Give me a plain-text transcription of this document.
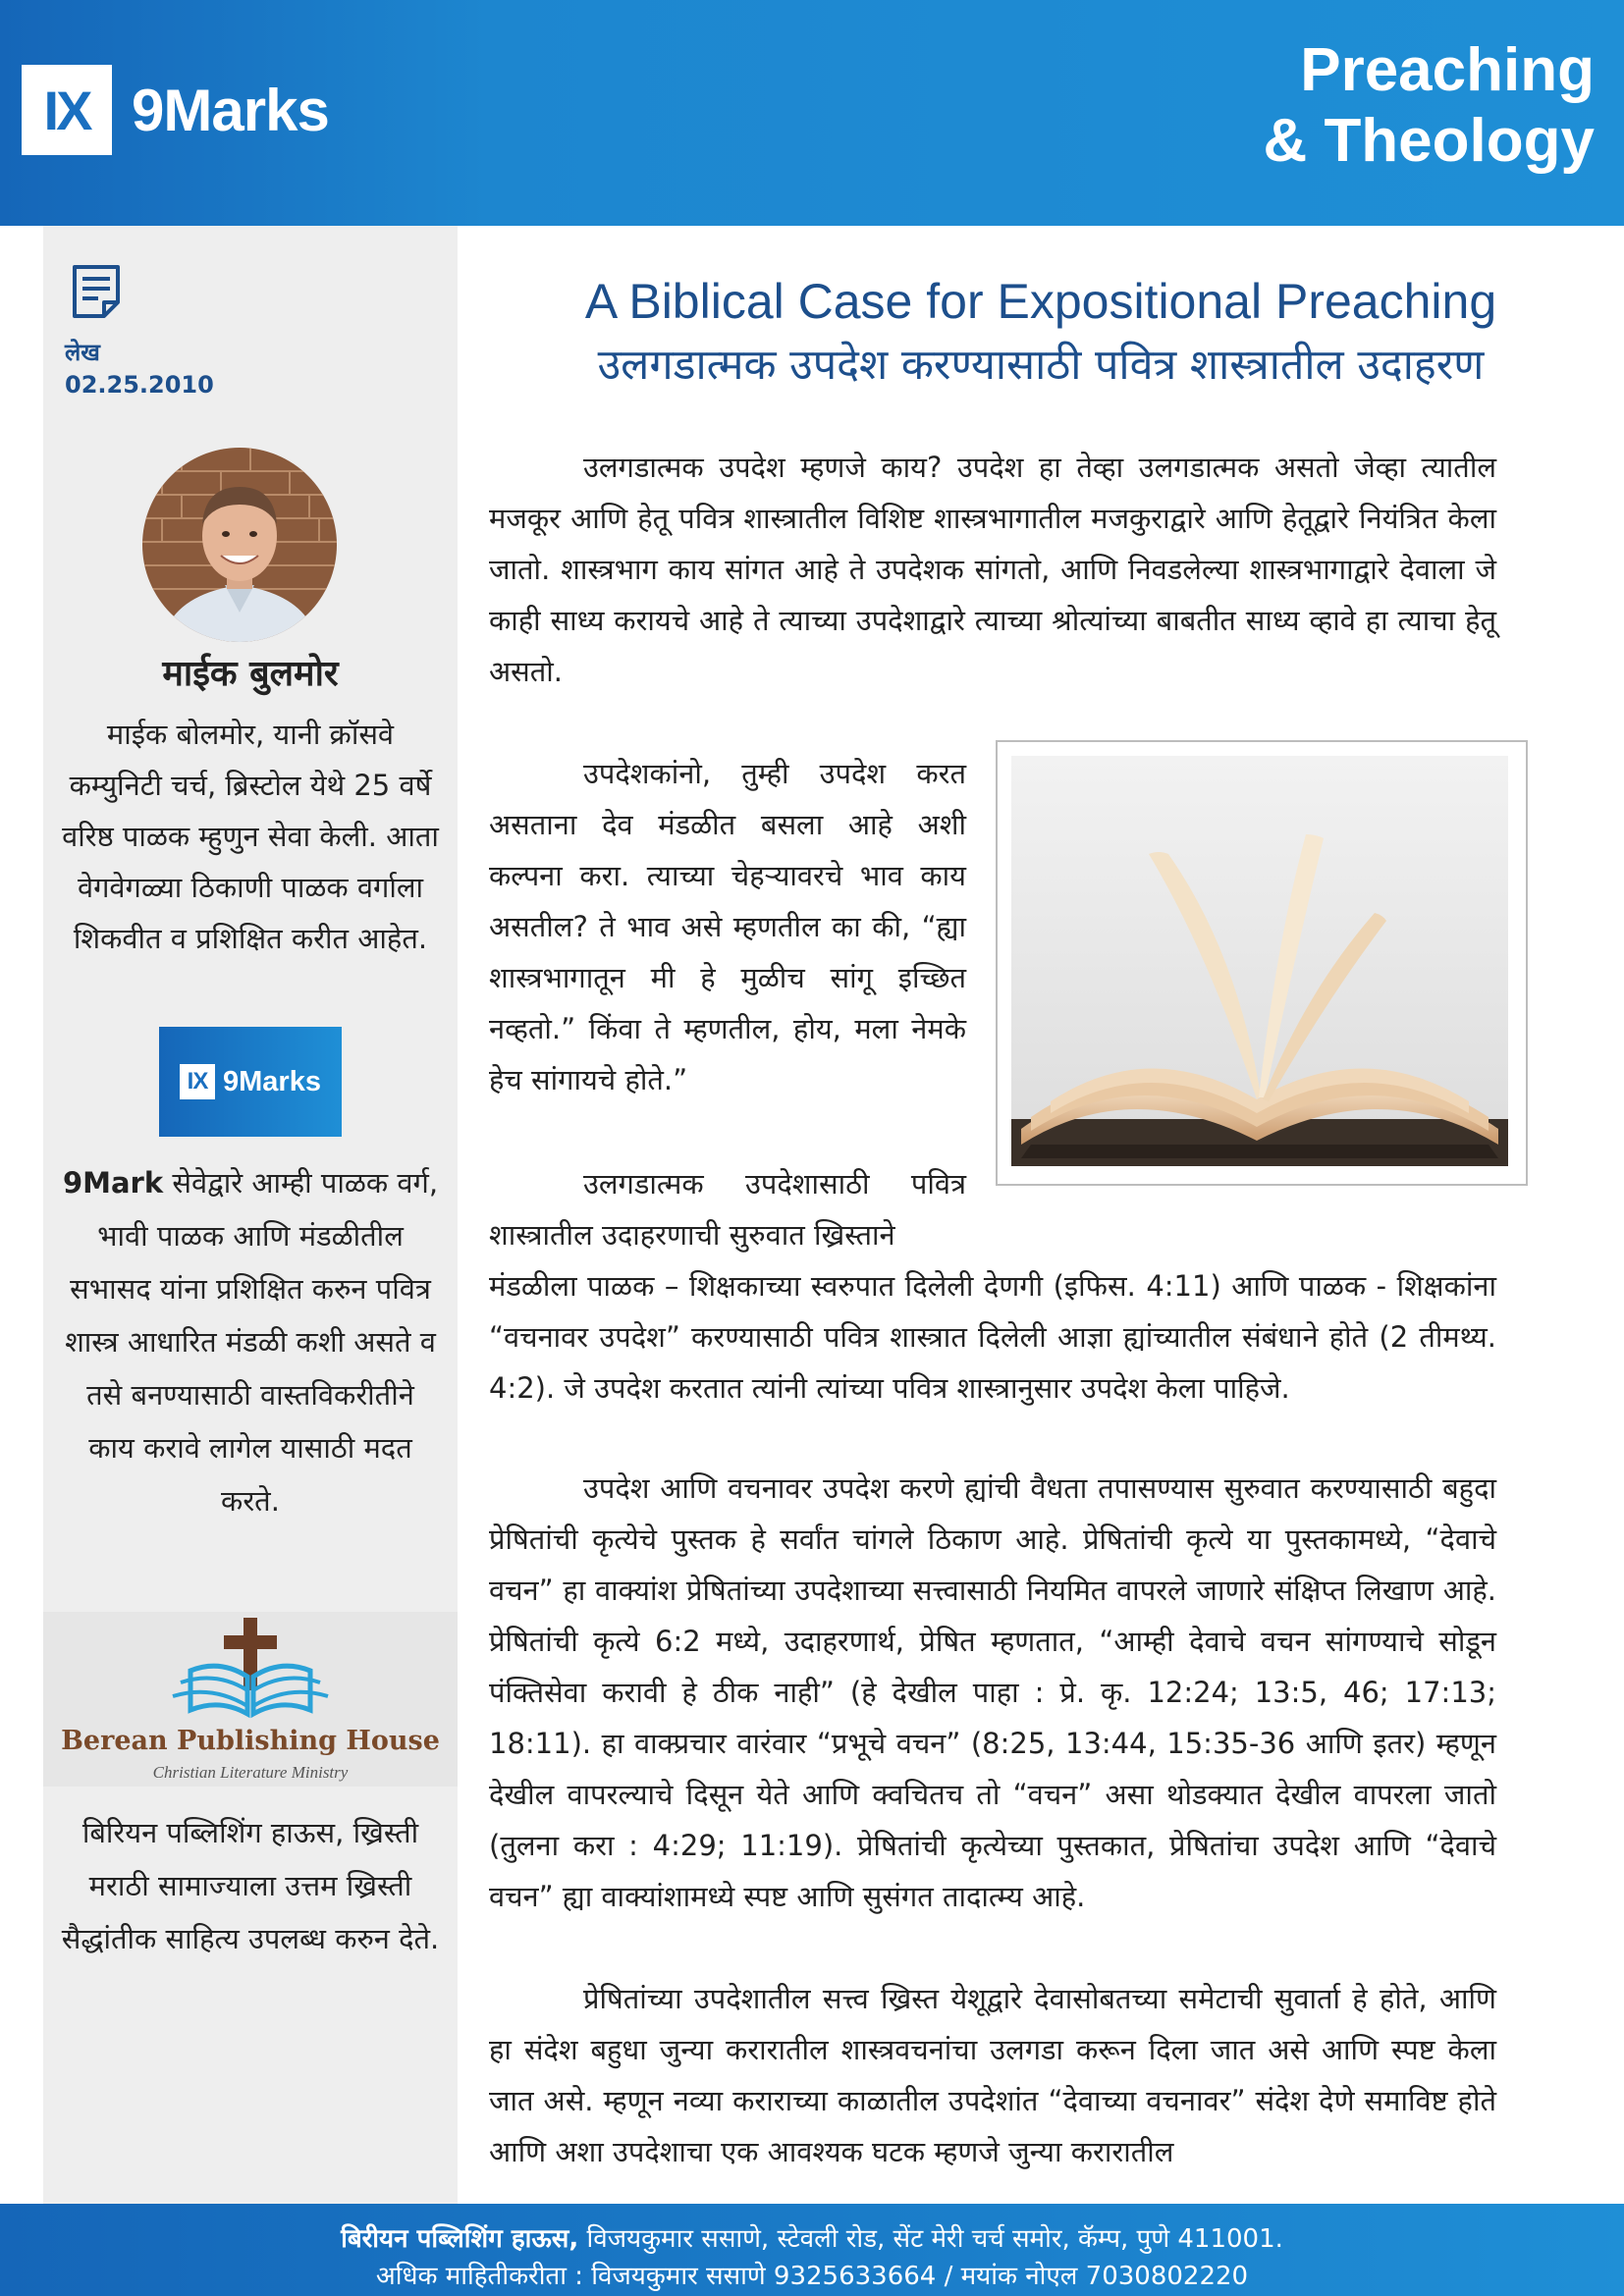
IX 9Marks
Preaching
& Theology
लेख
02.25.2010
माईक बुलमोर
माईक बोलमोर, यानी क्रॉसवे कम्युनिटी चर्च, ब्रिस्टोल येथे 25 वर्षे वरिष्ठ पाळक म्हुणुन सेवा केली. आता वेगवेगळ्या ठिकाणी पाळक वर्गाला शिकवीत व प्रशिक्षित करीत आहेत.
IX 9Marks
9Mark सेवेद्वारे आम्ही पाळक वर्ग, भावी पाळक आणि मंडळीतील सभासद यांना प्रशिक्षित करुन पवित्र शास्त्र आधारित मंडळी कशी असते व तसे बनण्यासाठी वास्तविकरीतीने काय करावे लागेल यासाठी मदत करते.
Berean Publishing House
Christian Literature Ministry
बिरियन पब्लिशिंग हाऊस, ख्रिस्ती मराठी सामाज्याला उत्तम ख्रिस्ती सैद्धांतीक साहित्य उपलब्ध करुन देते.
A Biblical Case for Expositional Preaching
उलगडात्मक उपदेश करण्यासाठी पवित्र शास्त्रातील उदाहरण
उलगडात्मक उपदेश म्हणजे काय? उपदेश हा तेव्हा उलगडात्मक असतो जेव्हा त्यातील मजकूर आणि हेतू पवित्र शास्त्रातील विशिष्ट शास्त्रभागातील मजकुराद्वारे आणि हेतूद्वारे नियंत्रित केला जातो. शास्त्रभाग काय सांगत आहे ते उपदेशक सांगतो, आणि निवडलेल्या शास्त्रभागाद्वारे देवाला जे काही साध्य करायचे आहे ते त्याच्या उपदेशाद्वारे त्याच्या श्रोत्यांच्या बाबतीत साध्य व्हावे हा त्याचा हेतू असतो.
उपदेशकांनो, तुम्ही उपदेश करत असताना देव मंडळीत बसला आहे अशी कल्पना करा. त्याच्या चेहऱ्यावरचे भाव काय असतील? ते भाव असे म्हणतील का की, “ह्या शास्त्रभागातून मी हे मुळीच सांगू इच्छित नव्हतो.” किंवा ते म्हणतील, होय, मला नेमके हेच सांगायचे होते.”
उलगडात्मक उपदेशासाठी पवित्र शास्त्रातील उदाहरणाची सुरुवात ख्रिस्ताने
मंडळीला पाळक – शिक्षकाच्या स्वरुपात दिलेली देणगी (इफिस. 4:11) आणि पाळक - शिक्षकांना “वचनावर उपदेश” करण्यासाठी पवित्र शास्त्रात दिलेली आज्ञा ह्यांच्यातील संबंधाने होते (2 तीमथ्य. 4:2). जे उपदेश करतात त्यांनी त्यांच्या पवित्र शास्त्रानुसार उपदेश केला पाहिजे.
उपदेश आणि वचनावर उपदेश करणे ह्यांची वैधता तपासण्यास सुरुवात करण्यासाठी बहुदा प्रेषितांची कृत्येचे पुस्तक हे सर्वांत चांगले ठिकाण आहे. प्रेषितांची कृत्ये या पुस्तकामध्ये, “देवाचे वचन” हा वाक्यांश प्रेषितांच्या उपदेशाच्या सत्त्वासाठी नियमित वापरले जाणारे संक्षिप्त लिखाण आहे. प्रेषितांची कृत्ये 6:2 मध्ये, उदाहरणार्थ, प्रेषित म्हणतात, “आम्ही देवाचे वचन सांगण्याचे सोडून पंक्तिसेवा करावी हे ठीक नाही” (हे देखील पाहा : प्रे. कृ. 12:24; 13:5, 46; 17:13; 18:11). हा वाक्प्रचार वारंवार “प्रभूचे वचन” (8:25, 13:44, 15:35-36 आणि इतर) म्हणून देखील वापरल्याचे दिसून येते आणि क्वचितच तो “वचन” असा थोडक्यात देखील वापरला जातो (तुलना करा : 4:29; 11:19). प्रेषितांची कृत्येच्या पुस्तकात, प्रेषितांचा उपदेश आणि “देवाचे वचन” ह्या वाक्यांशामध्ये स्पष्ट आणि सुसंगत तादात्म्य आहे.
प्रेषितांच्या उपदेशातील सत्त्व ख्रिस्त येशूद्वारे देवासोबतच्या समेटाची सुवार्ता हे होते, आणि हा संदेश बहुधा जुन्या करारातील शास्त्रवचनांचा उलगडा करून दिला जात असे आणि स्पष्ट केला जात असे. म्हणून नव्या कराराच्या काळातील उपदेशांत “देवाच्या वचनावर” संदेश देणे समाविष्ट होते आणि अशा उपदेशाचा एक आवश्यक घटक म्हणजे जुन्या करारातील
बिरीयन पब्लिशिंग हाऊस, विजयकुमार ससाणे, स्टेवली रोड, सेंट मेरी चर्च समोर, कॅम्प, पुणे 411001.
अधिक माहितीकरीता : विजयकुमार ससाणे 9325633664 / मयांक नोएल 7030802220
